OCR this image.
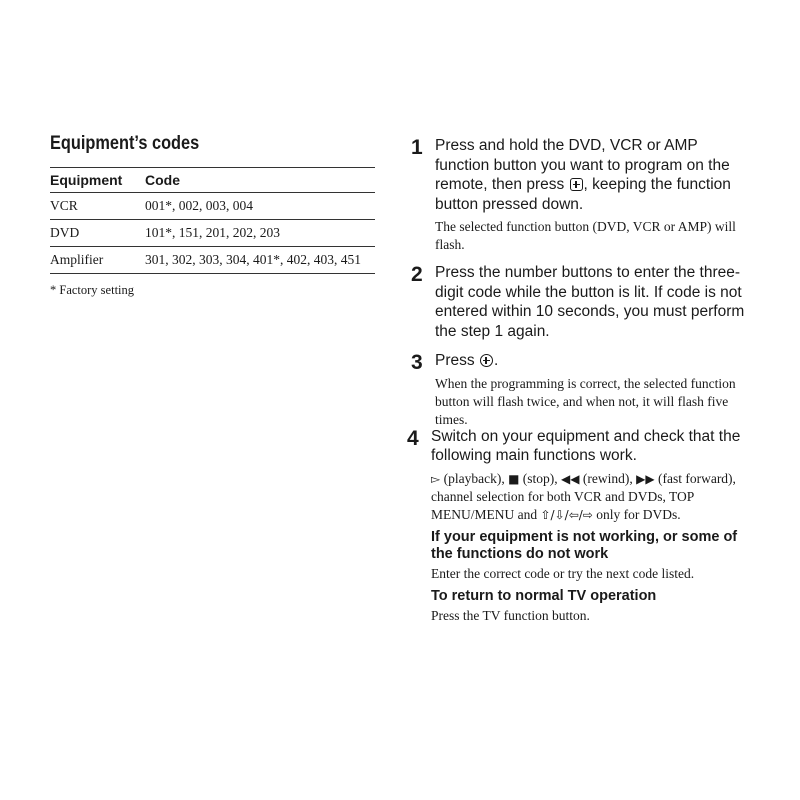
Equipment’s codes
Equipment	Code
VCR	001*, 002, 003, 004
DVD	101*, 151, 201, 202, 203
Amplifier	301, 302, 303, 304, 401*, 402, 403, 451
* Factory setting
1 Press and hold the DVD, VCR or AMP function button you want to program on the remote, then press , keeping the function button pressed down.

The selected function button (DVD, VCR or AMP) will flash.

2 Press the number buttons to enter the three-digit code while the button is lit. If code is not entered within 10 seconds, you must perform the step 1 again.

3 Press .

When the programming is correct, the selected function button will flash twice, and when not, it will flash five times.

4 Switch on your equipment and check that the following main functions work.

▻ (playback), ■ (stop), ◀◀ (rewind), ▶▶ (fast forward), channel selection for both VCR and DVDs, TOP MENU/MENU and ⇧/⇩/⇦/⇨ only for DVDs.

If your equipment is not working, or some of the functions do not work

Enter the correct code or try the next code listed.

To return to normal TV operation

Press the TV function button.
